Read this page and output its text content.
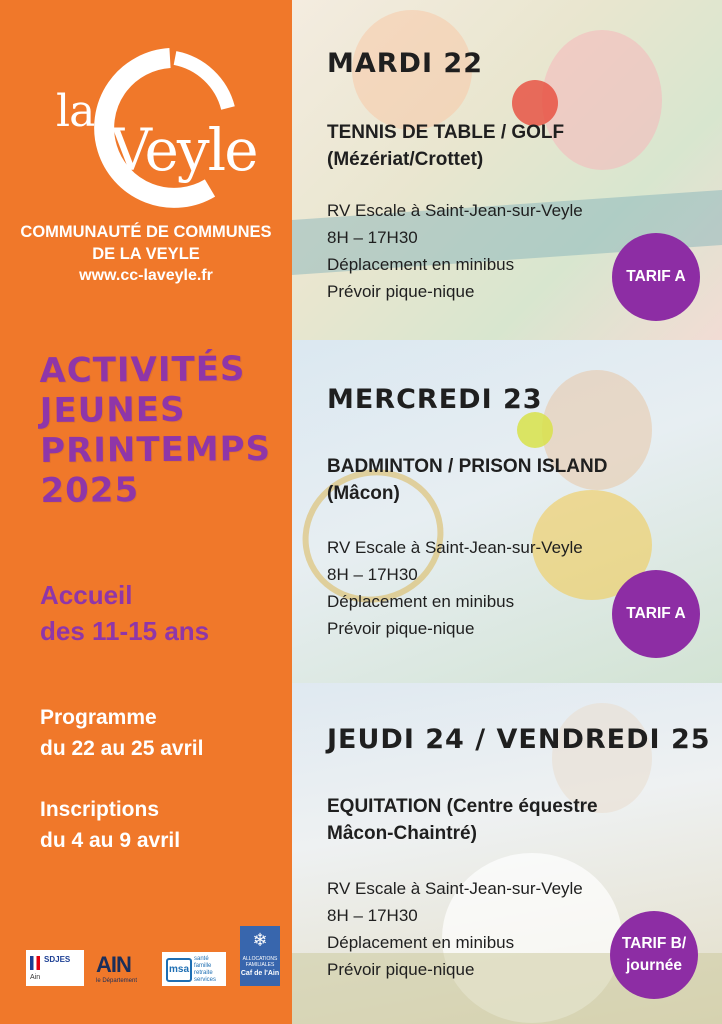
la
Veyle
COMMUNAUTÉ DE COMMUNES
DE LA VEYLE
www.cc-laveyle.fr
ACTIVITÉS
JEUNES
PRINTEMPS
2025
Accueil
des 11-15 ans
Programme
du 22 au 25 avril
Inscriptions
du 4 au 9 avril
SDJES
Ain
AIN
le Département
msa
santé famille retraite services
❄
ALLOCATIONS FAMILIALES
Caf de l'Ain
MARDI 22
TENNIS DE TABLE / GOLF
(Mézériat/Crottet)
RV Escale à Saint-Jean-sur-Veyle
8H – 17H30
Déplacement en minibus
Prévoir pique-nique
TARIF A
MERCREDI 23
BADMINTON / PRISON ISLAND
(Mâcon)
RV Escale à Saint-Jean-sur-Veyle
8H – 17H30
Déplacement en minibus
Prévoir pique-nique
TARIF A
JEUDI 24 / VENDREDI 25
EQUITATION (Centre équestre
Mâcon-Chaintré)
RV Escale à Saint-Jean-sur-Veyle
8H – 17H30
Déplacement en minibus
Prévoir pique-nique
TARIF B/
journée
